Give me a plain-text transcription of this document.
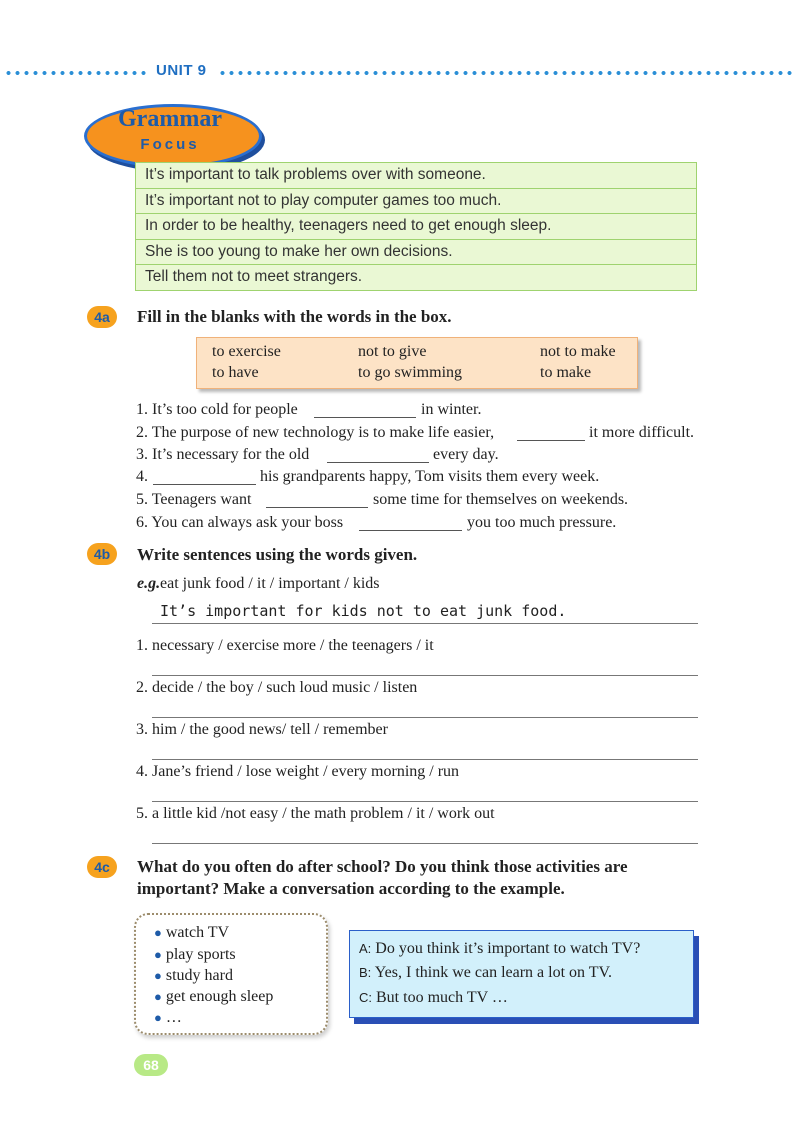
UNIT 9
Grammar
Focus
It’s important to talk problems over with someone.
It’s important not to play computer games too much.
In order to be healthy, teenagers need to get enough sleep.
She is too young to make her own decisions.
Tell them not to meet strangers.
4a	Fill in the blanks with the words in the box.
to exercise	not to give	not to make
to have	to go swimming	to make
1. It’s too cold for people	in winter.
2. The purpose of new technology is to make life easier,	it more difficult.
3. It’s necessary for the old	every day.
4.	his grandparents happy, Tom visits them every week.
5. Teenagers want	some time for themselves on weekends.
6. You can always ask your boss	you too much pressure.
4b	Write sentences using the words given.
e.g. eat junk food / it / important / kids
It’s important for kids not to eat junk food.
1. necessary / exercise more / the teenagers / it
2. decide / the boy / such loud music / listen
3. him / the good news/ tell / remember
4. Jane’s friend / lose weight / every morning / run
5. a little kid /not easy / the math problem / it / work out
4c	What do you often do after school? Do you think those activities are
important? Make a conversation according to the example.
● watch TV
● play sports
● study hard
● get enough sleep
● …
A: Do you think it’s important to watch TV?
B: Yes, I think we can learn a lot on TV.
C: But too much TV …
68
